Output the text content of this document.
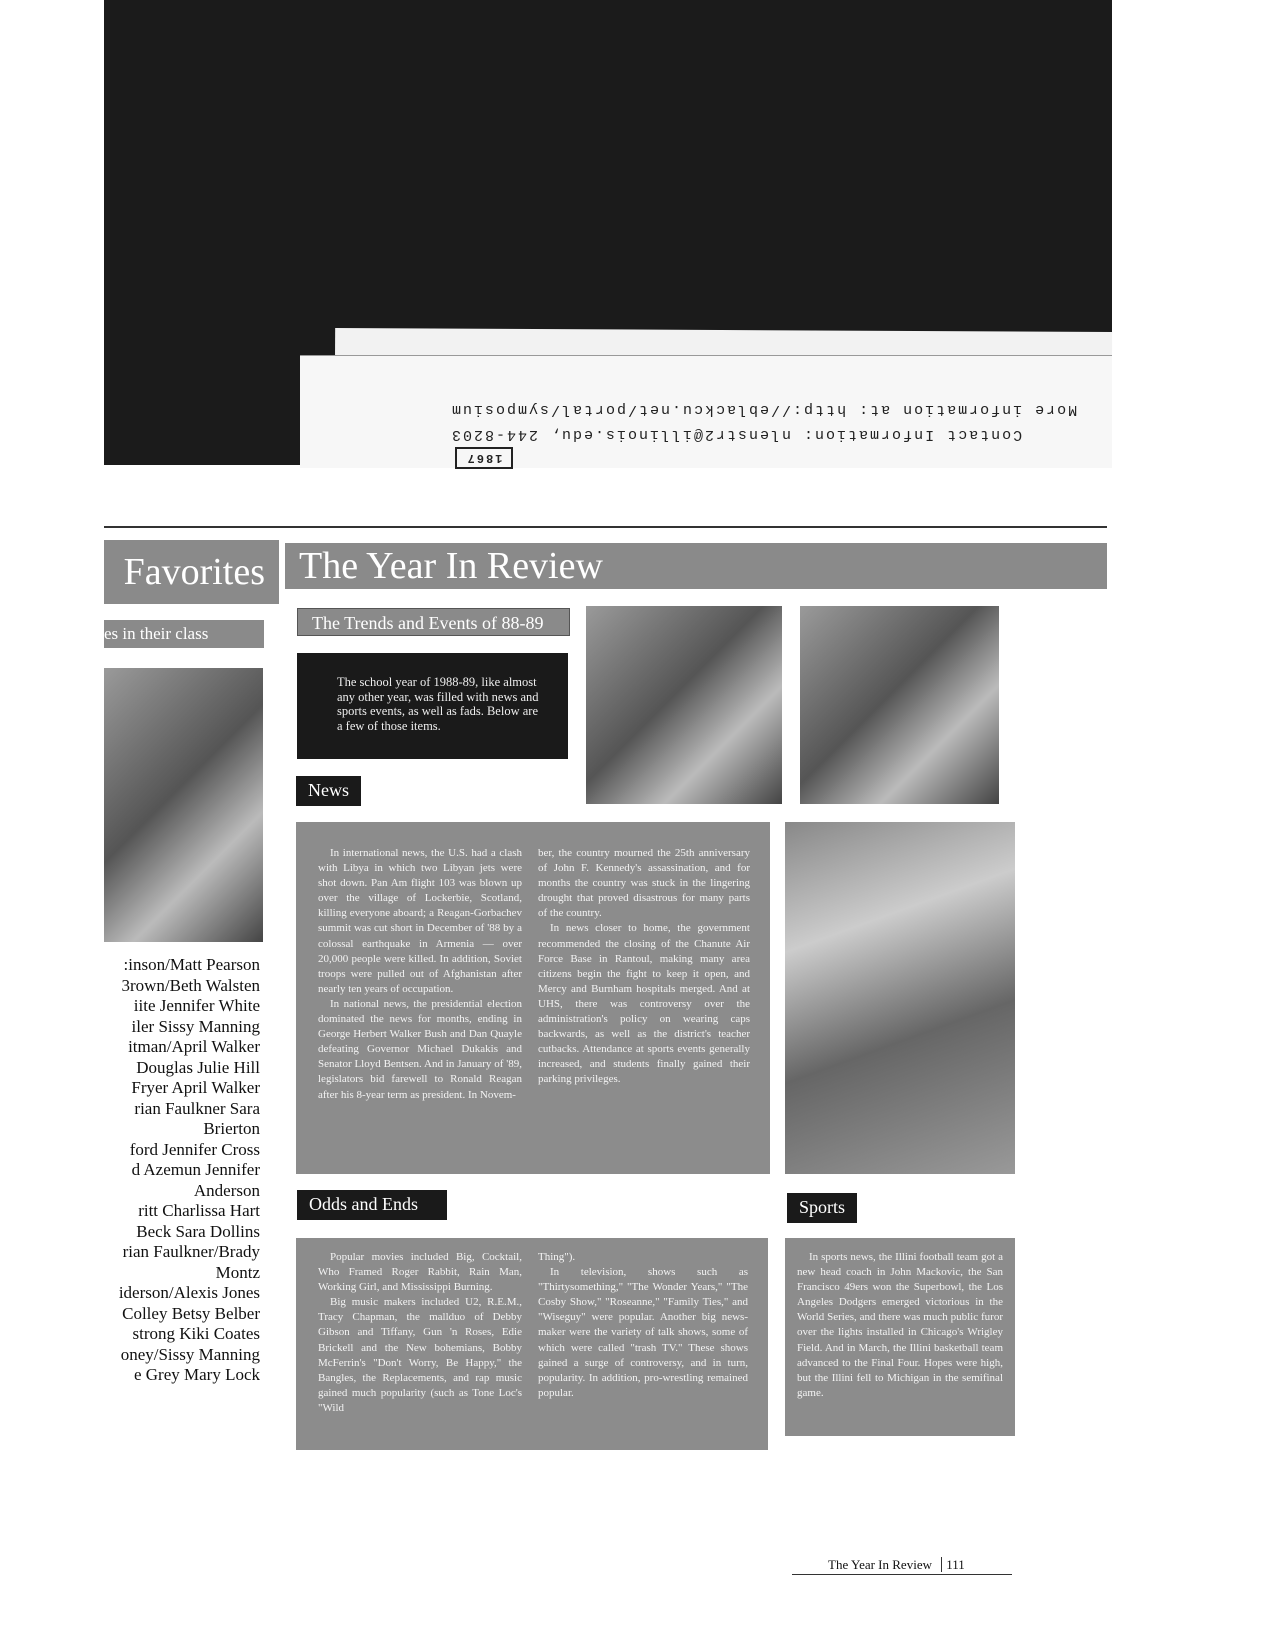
More information at: http://eblackcu.net/portal/symposium
Contact Information: nlenstr2@illinois.edu, 244-8203
1867
Favorites
es in their class
:inson/Matt Pearson
3rown/Beth Walsten
iite Jennifer White
iler Sissy Manning
itman/April Walker
Douglas Julie Hill
Fryer April Walker
rian Faulkner Sara
Brierton
ford Jennifer Cross
d Azemun Jennifer
Anderson
ritt Charlissa Hart
Beck Sara Dollins
rian Faulkner/Brady
Montz
iderson/Alexis Jones
Colley Betsy Belber
strong Kiki Coates
oney/Sissy Manning
e Grey Mary Lock
The Year In Review
The Trends and Events of 88-89
The school year of 1988-89, like almost any other year, was filled with news and sports events, as well as fads. Below are a few of those items.
News

In international news, the U.S. had a clash with Libya in which two Libyan jets were shot down. Pan Am flight 103 was blown up over the village of Lockerbie, Scotland, killing everyone aboard; a Reagan-Gorbachev summit was cut short in December of '88 by a colossal earthquake in Armenia — over 20,000 people were killed. In addition, Soviet troops were pulled out of Afghanistan after nearly ten years of occupation.

In national news, the presidential election dominated the news for months, ending in George Herbert Walker Bush and Dan Quayle defeating Governor Michael Dukakis and Senator Lloyd Bentsen. And in January of '89, legislators bid farewell to Ronald Reagan after his 8-year term as president. In Novem-

ber, the country mourned the 25th anniversary of John F. Kennedy's assassination, and for months the country was stuck in the lingering drought that proved disastrous for many parts of the country.

In news closer to home, the government recommended the closing of the Chanute Air Force Base in Rantoul, making many area citizens begin the fight to keep it open, and Mercy and Burnham hospitals merged. And at UHS, there was controversy over the administration's policy on wearing caps backwards, as well as the district's teacher cutbacks. Attendance at sports events generally increased, and students finally gained their parking privileges.

Odds and Ends

Popular movies included Big, Cocktail, Who Framed Roger Rabbit, Rain Man, Working Girl, and Mississippi Burning.

Big music makers included U2, R.E.M., Tracy Chapman, the mallduo of Debby Gibson and Tiffany, Gun 'n Roses, Edie Brickell and the New bohemians, Bobby McFerrin's "Don't Worry, Be Happy," the Bangles, the Replacements, and rap music gained much popularity (such as Tone Loc's "Wild

Thing").

In television, shows such as "Thirtysomething," "The Wonder Years," "The Cosby Show," "Roseanne," "Family Ties," and "Wiseguy" were popular. Another big news-maker were the variety of talk shows, some of which were called "trash TV." These shows gained a surge of controversy, and in turn, popularity. In addition, pro-wrestling remained popular.

Sports

In sports news, the Illini football team got a new head coach in John Mackovic, the San Francisco 49ers won the Superbowl, the Los Angeles Dodgers emerged victorious in the World Series, and there was much public furor over the lights installed in Chicago's Wrigley Field. And in March, the Illini basketball team advanced to the Final Four. Hopes were high, but the Illini fell to Michigan in the semifinal game.

The Year In Review 111
